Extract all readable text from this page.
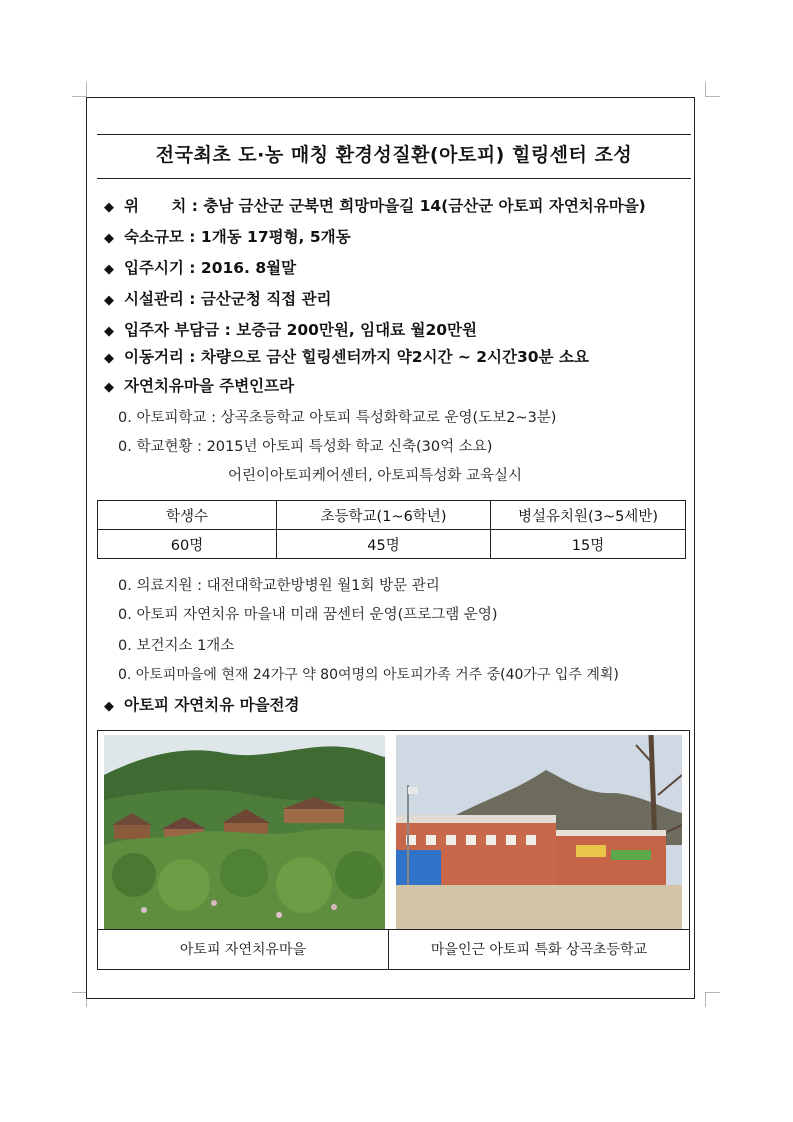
전국최초 도·농 매칭 환경성질환(아토피) 힐링센터 조성
◆ 위      치 : 충남 금산군 군북면 희망마을길 14(금산군 아토피 자연치유마을)
◆ 숙소규모 : 1개동 17평형, 5개동
◆ 입주시기 : 2016. 8월말
◆ 시설관리 : 금산군청 직접 관리
◆ 입주자 부담금 : 보증금 200만원, 임대료 월20만원
◆ 이동거리 : 차량으로 금산 힐링센터까지 약2시간 ~ 2시간30분 소요
◆ 자연치유마을 주변인프라
0. 아토피학교 : 상곡초등학교 아토피 특성화학교로 운영(도보2~3분)
0. 학교현황 : 2015년 아토피 특성화 학교 신축(30억 소요)
어린이아토피케어센터, 아토피특성화 교육실시
학생수	초등학교(1~6학년)	병설유치원(3~5세반)
60명	45명	15명
0. 의료지원 : 대전대학교한방병원 월1회 방문 관리
0. 아토피 자연치유 마을내 미래 꿈센터 운영(프로그램 운영)
0. 보건지소 1개소
0. 아토피마을에 현재 24가구 약 80여명의 아토피가족 거주 중(40가구 입주 계획)
◆ 아토피 자연치유 마을전경
아토피 자연치유마을	마을인근 아토피 특화 상곡초등학교
